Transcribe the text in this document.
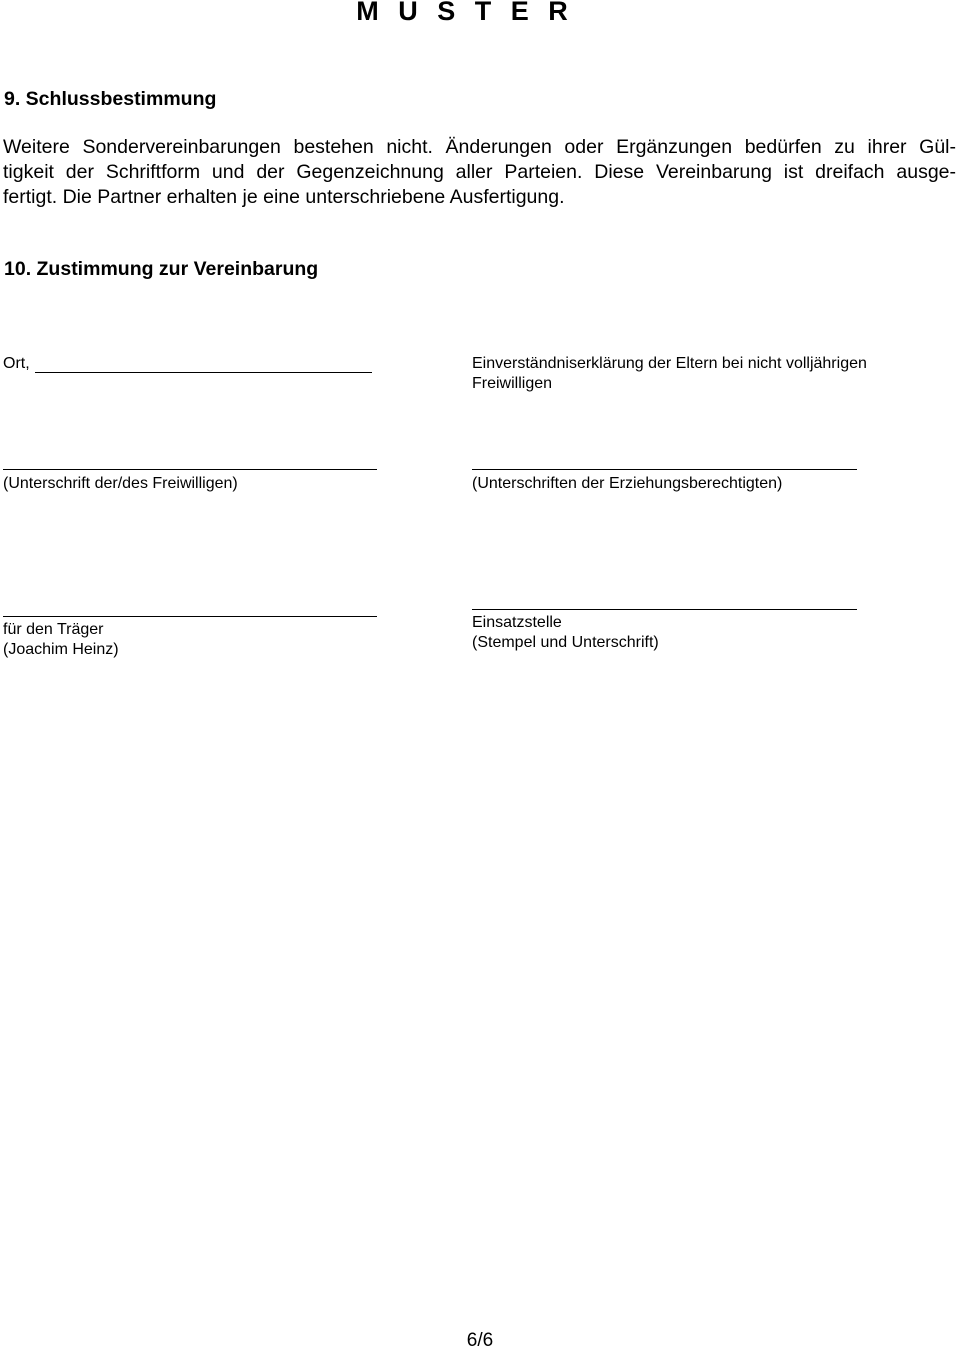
M U S T E R
9. Schlussbestimmung
Weitere Sondervereinbarungen bestehen nicht. Änderungen oder Ergänzungen bedürfen zu ihrer Gül-
tigkeit der Schriftform und der Gegenzeichnung aller Parteien. Diese Vereinbarung ist dreifach ausge-
fertigt. Die Partner erhalten je eine unterschriebene Ausfertigung.
10. Zustimmung zur Vereinbarung
Ort,	Einverständniserklärung der Eltern bei nicht volljährigen
Freiwilligen
(Unterschrift der/des Freiwilligen)	(Unterschriften der Erziehungsberechtigten)
für den Träger
(Joachim Heinz)
Einsatzstelle
(Stempel und Unterschrift)
6/6
